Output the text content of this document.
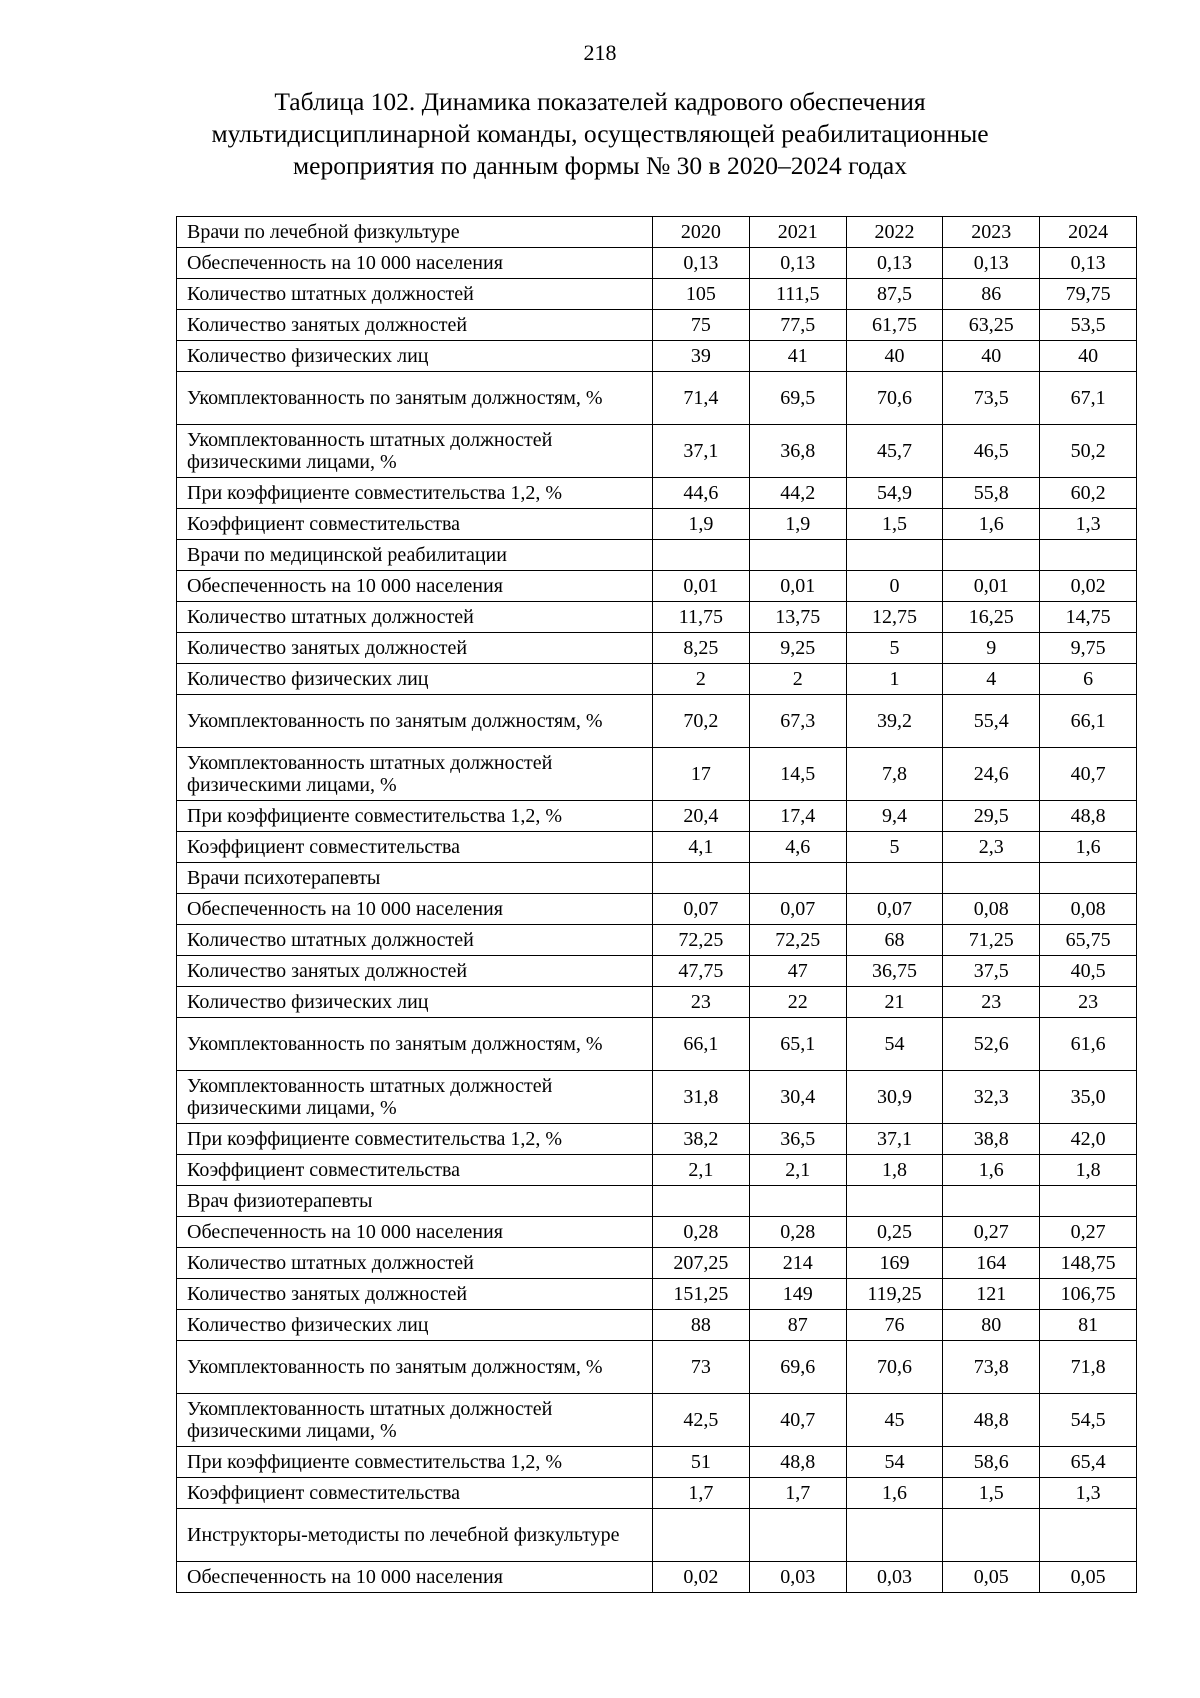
218
Таблица 102. Динамика показателей кадрового обеспечения
мультидисциплинарной команды, осуществляющей реабилитационные
мероприятия по данным формы № 30 в 2020–2024 годах
Врачи по лечебной физкультуре	2020	2021	2022	2023	2024
Обеспеченность на 10 000 населения	0,13	0,13	0,13	0,13	0,13
Количество штатных должностей	105	111,5	87,5	86	79,75
Количество занятых должностей	75	77,5	61,75	63,25	53,5
Количество физических лиц	39	41	40	40	40
Укомплектованность по занятым должностям, %	71,4	69,5	70,6	73,5	67,1
Укомплектованность штатных должностей физическими лицами, %	37,1	36,8	45,7	46,5	50,2
При коэффициенте совместительства 1,2, %	44,6	44,2	54,9	55,8	60,2
Коэффициент совместительства	1,9	1,9	1,5	1,6	1,3
Врачи по медицинской реабилитации					
Обеспеченность на 10 000 населения	0,01	0,01	0	0,01	0,02
Количество штатных должностей	11,75	13,75	12,75	16,25	14,75
Количество занятых должностей	8,25	9,25	5	9	9,75
Количество физических лиц	2	2	1	4	6
Укомплектованность по занятым должностям, %	70,2	67,3	39,2	55,4	66,1
Укомплектованность штатных должностей физическими лицами, %	17	14,5	7,8	24,6	40,7
При коэффициенте совместительства 1,2, %	20,4	17,4	9,4	29,5	48,8
Коэффициент совместительства	4,1	4,6	5	2,3	1,6
Врачи психотерапевты					
Обеспеченность на 10 000 населения	0,07	0,07	0,07	0,08	0,08
Количество штатных должностей	72,25	72,25	68	71,25	65,75
Количество занятых должностей	47,75	47	36,75	37,5	40,5
Количество физических лиц	23	22	21	23	23
Укомплектованность по занятым должностям, %	66,1	65,1	54	52,6	61,6
Укомплектованность штатных должностей физическими лицами, %	31,8	30,4	30,9	32,3	35,0
При коэффициенте совместительства 1,2, %	38,2	36,5	37,1	38,8	42,0
Коэффициент совместительства	2,1	2,1	1,8	1,6	1,8
Врач физиотерапевты					
Обеспеченность на 10 000 населения	0,28	0,28	0,25	0,27	0,27
Количество штатных должностей	207,25	214	169	164	148,75
Количество занятых должностей	151,25	149	119,25	121	106,75
Количество физических лиц	88	87	76	80	81
Укомплектованность по занятым должностям, %	73	69,6	70,6	73,8	71,8
Укомплектованность штатных должностей физическими лицами, %	42,5	40,7	45	48,8	54,5
При коэффициенте совместительства 1,2, %	51	48,8	54	58,6	65,4
Коэффициент совместительства	1,7	1,7	1,6	1,5	1,3
Инструкторы-методисты по лечебной физкультуре					
Обеспеченность на 10 000 населения	0,02	0,03	0,03	0,05	0,05
